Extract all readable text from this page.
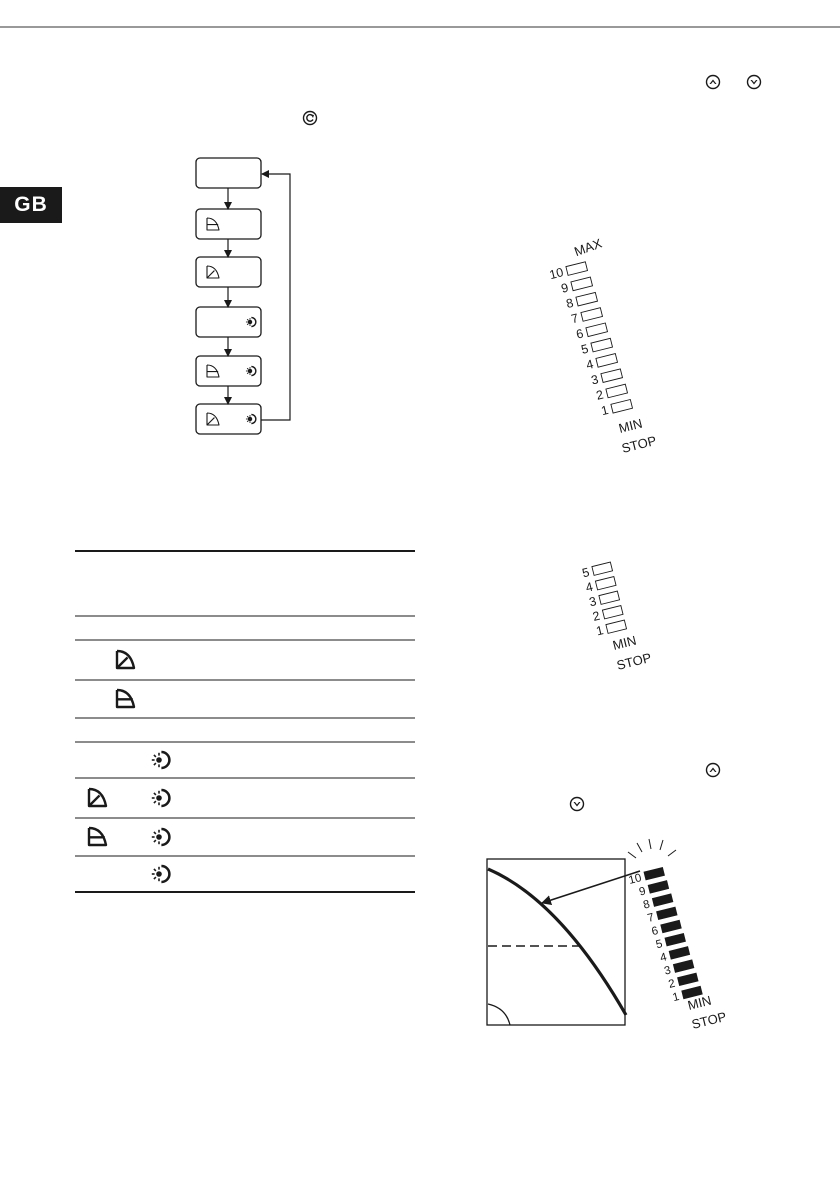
GB
MAX
10
9
8
7
6
5
4
3
2
1
MIN
STOP
5
4
3
2
1
MIN
STOP
10
9
8
7
6
5
4
3
2
1 MIN
STOP
